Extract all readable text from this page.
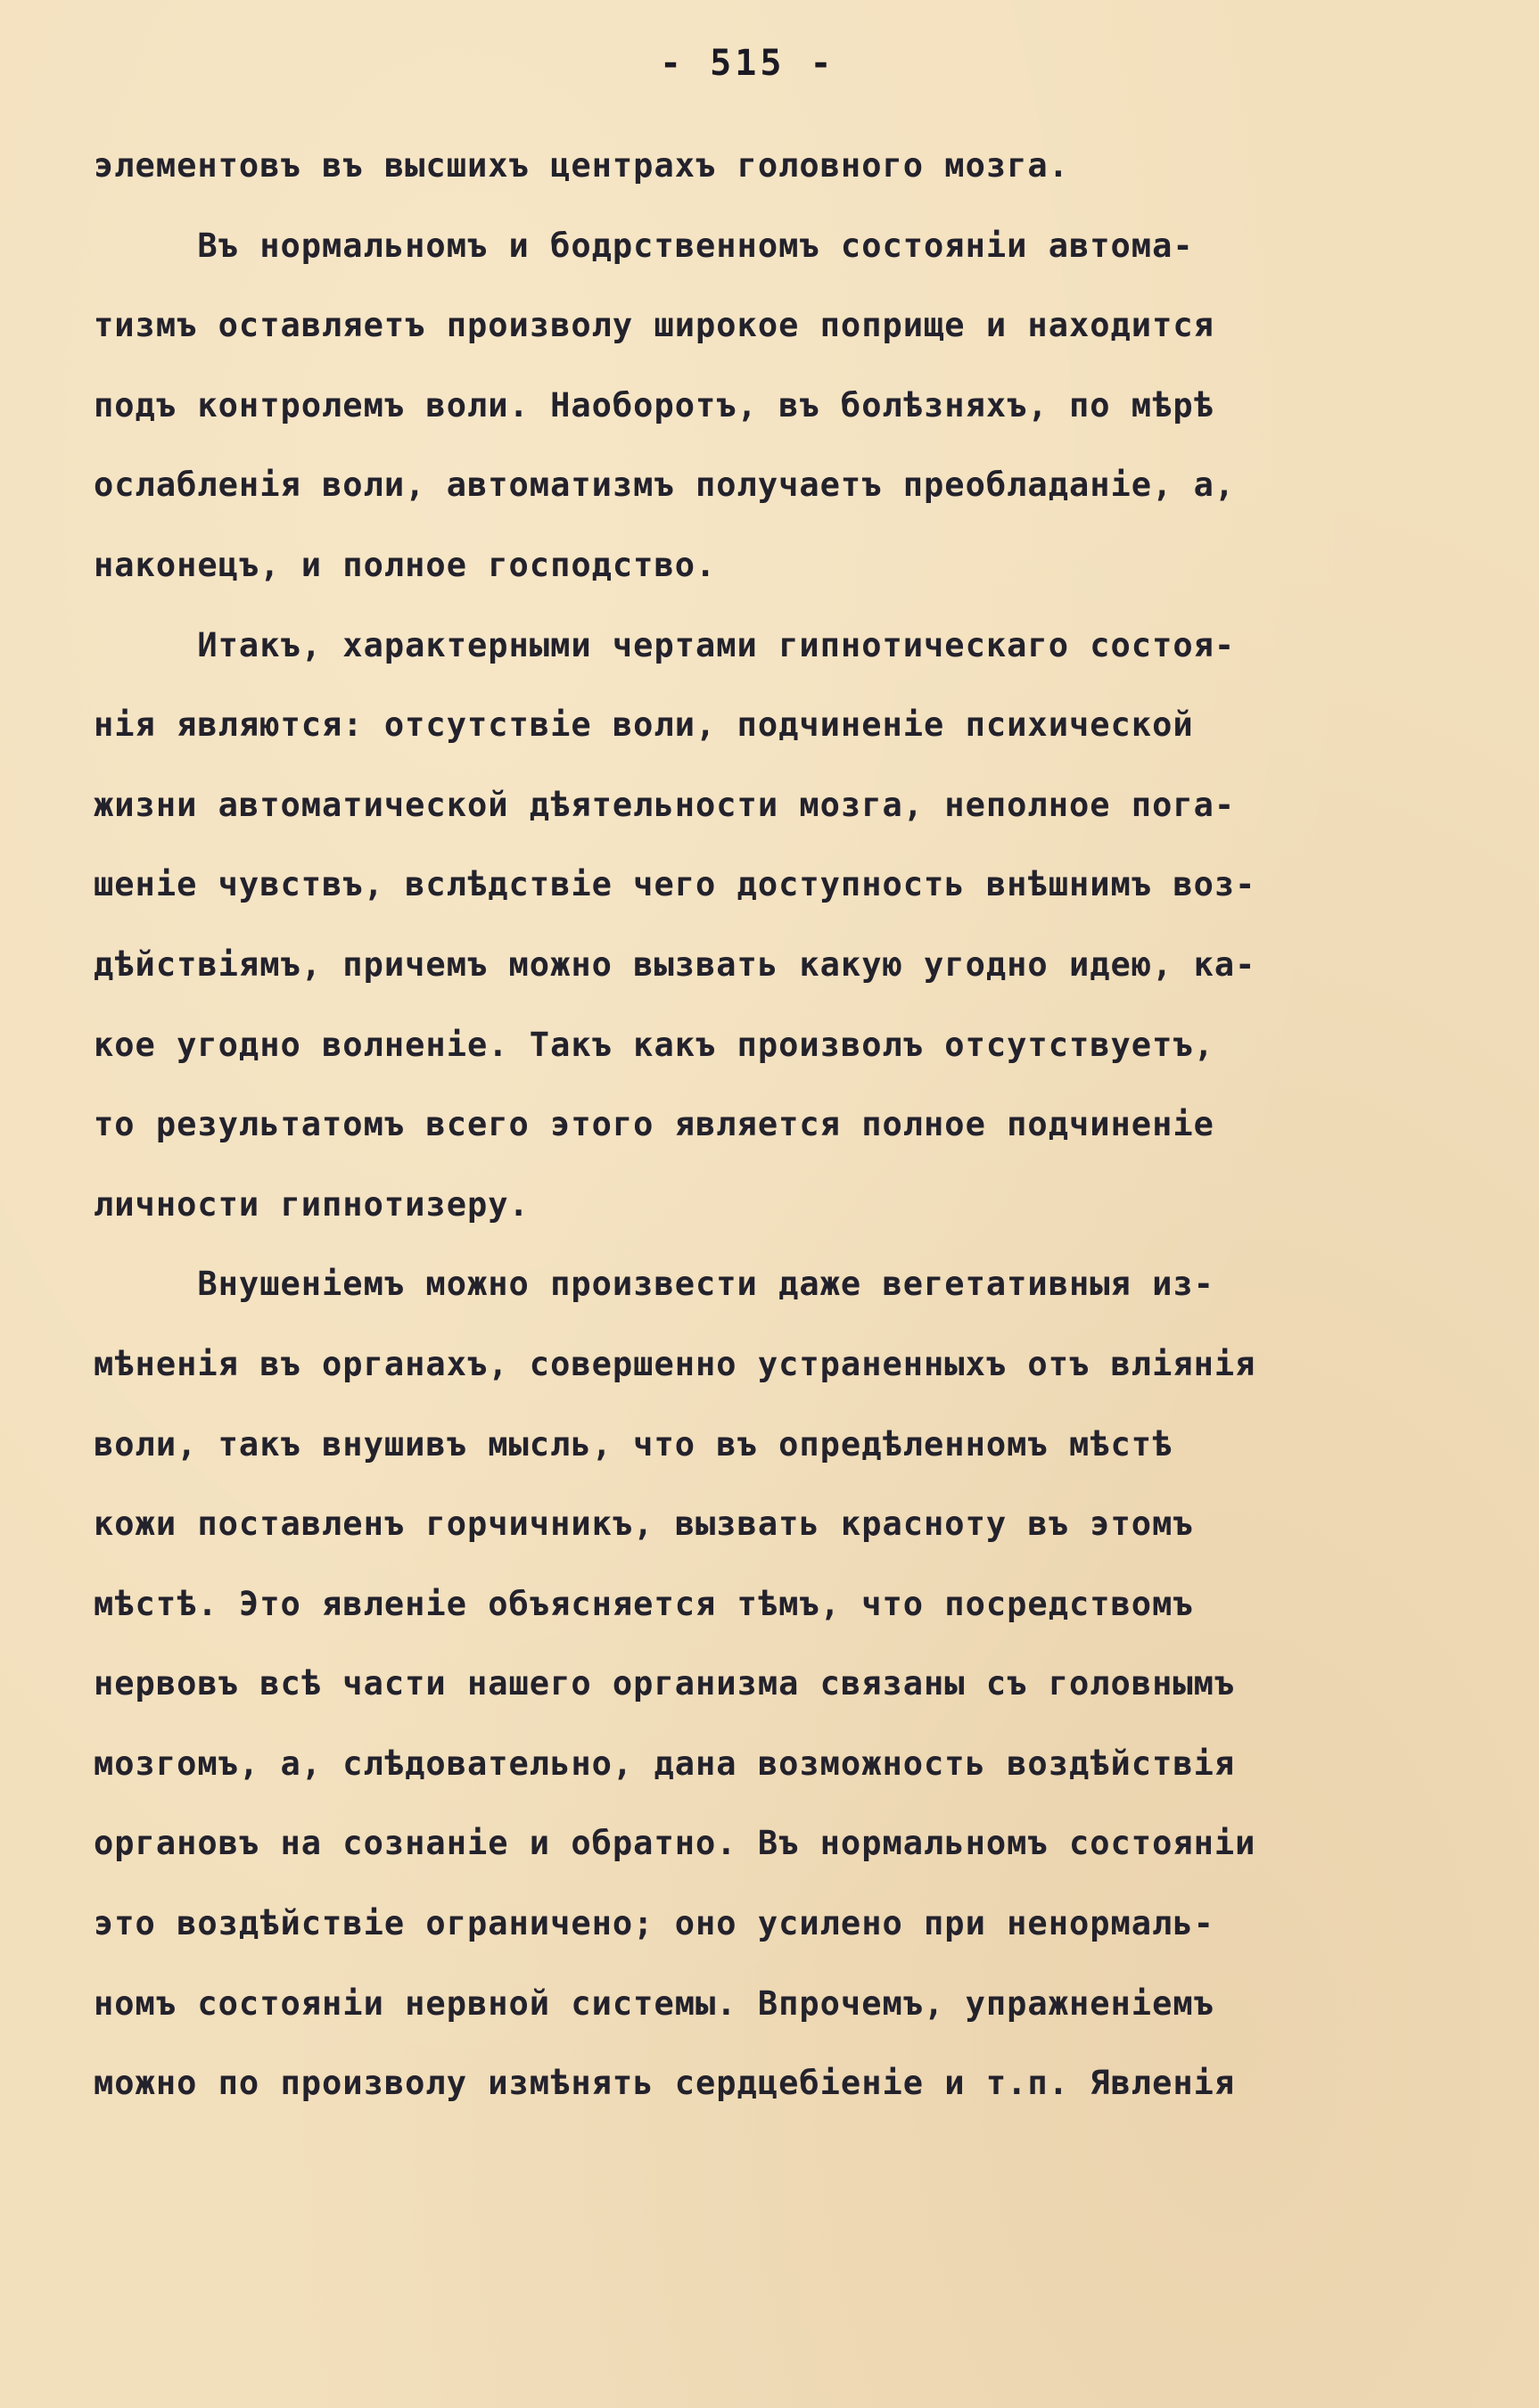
- 515 -
элементовъ въ высшихъ центрахъ головного мозга.
Въ нормальномъ и бодрственномъ состоянiи автома-
тизмъ оставляетъ произволу широкое поприще и находится
подъ контролемъ воли. Наоборотъ, въ болѣзняхъ, по мѣрѣ
ослабленiя воли, автоматизмъ получаетъ преобладанiе, а,
наконецъ, и полное господство.
Итакъ, характерными чертами гипнотическаго состоя-
нiя являются: отсутствiе воли, подчиненiе психической
жизни автоматической дѣятельности мозга, неполное пога-
шенiе чувствъ, вслѣдствiе чего доступность внѣшнимъ воз-
дѣйствiямъ, причемъ можно вызвать какую угодно идею, ка-
кое угодно волненiе. Такъ какъ произволъ отсутствуетъ,
то результатомъ всего этого является полное подчиненiе
личности гипнотизеру.
Внушенiемъ можно произвести даже вегетативныя из-
мѣненiя въ органахъ, совершенно устраненныхъ отъ влiянiя
воли, такъ внушивъ мысль, что въ опредѣленномъ мѣстѣ
кожи поставленъ горчичникъ, вызвать красноту въ этомъ
мѣстѣ. Это явленiе объясняется тѣмъ, что посредствомъ
нервовъ всѣ части нашего организма связаны съ головнымъ
мозгомъ, а, слѣдовательно, дана возможность воздѣйствiя
органовъ на сознанiе и обратно. Въ нормальномъ состоянiи
это воздѣйствiе ограничено; оно усилено при ненормаль-
номъ состоянiи нервной системы. Впрочемъ, упражненiемъ
можно по произволу измѣнять сердцебiенiе и т.п. Явленiя
